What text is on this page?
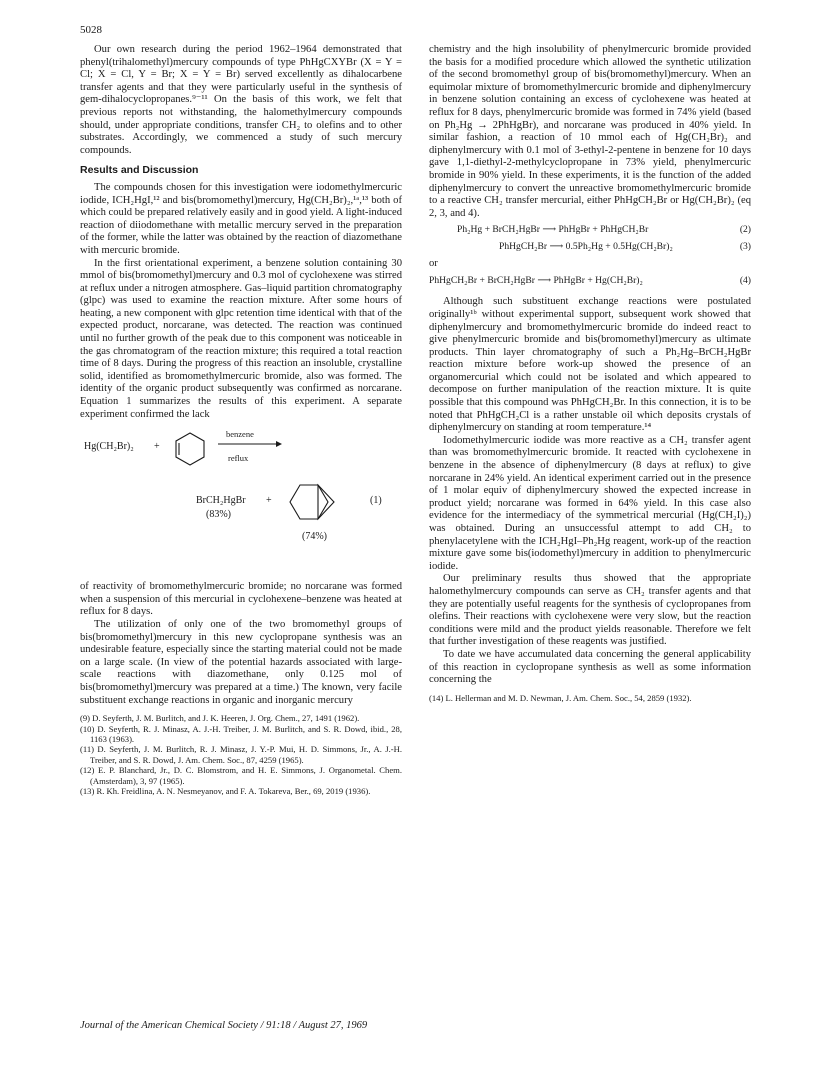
5028

Our own research during the period 1962–1964 demonstrated that phenyl(trihalomethyl)mercury compounds of type PhHgCXYBr (X = Y = Cl; X = Cl, Y = Br; X = Y = Br) served excellently as dihalocarbene transfer agents and that they were particularly useful in the synthesis of gem-dihalocyclopropanes.⁹⁻¹¹ On the basis of this work, we felt that previous reports not withstanding, the halomethylmercury compounds should, under appropriate conditions, transfer CH₂ to olefins and to other substrates. Accordingly, we commenced a study of such mercury compounds.

Results and Discussion

The compounds chosen for this investigation were iodomethylmercuric iodide, ICH₂HgI,¹² and bis(bromomethyl)mercury, Hg(CH₂Br)₂,¹ᵃ,¹³ both of which could be prepared relatively easily and in good yield. A light-induced reaction of diiodomethane with metallic mercury served in the preparation of the former, while the latter was obtained by the reaction of diazomethane with mercuric bromide.

In the first orientational experiment, a benzene solution containing 30 mmol of bis(bromomethyl)mercury and 0.3 mol of cyclohexene was stirred at reflux under a nitrogen atmosphere. Gas–liquid partition chromatography (glpc) was used to examine the reaction mixture. After some hours of heating, a new component with glpc retention time identical with that of the expected product, norcarane, was detected. The reaction was continued until no further growth of the peak due to this component was noticeable in the gas chromatogram of the reaction mixture; this required a total reaction time of 8 days. During the progress of this reaction an insoluble, crystalline solid, identified as bromomethylmercuric bromide, also was formed. The identity of the organic product subsequently was confirmed as norcarane. Equation 1 summarizes the results of this experiment. A separate experiment confirmed the lack

Hg(CH₂Br)₂ +
benzene
reflux
BrCH₂HgBr +	(1)
(83%)
(74%)

of reactivity of bromomethylmercuric bromide; no norcarane was formed when a suspension of this mercurial in cyclohexene–benzene was heated at reflux for 8 days.

The utilization of only one of the two bromomethyl groups of bis(bromomethyl)mercury in this new cyclopropane synthesis was an undesirable feature, especially since the starting material could not be made on a large scale. (In view of the potential hazards associated with large-scale reactions with diazomethane, only 0.125 mol of bis(bromomethyl)mercury was prepared at a time.) The known, very facile substituent exchange reactions in organic and inorganic mercury

(9) D. Seyferth, J. M. Burlitch, and J. K. Heeren, J. Org. Chem., 27, 1491 (1962).

(10) D. Seyferth, R. J. Minasz, A. J.-H. Treiber, J. M. Burlitch, and S. R. Dowd, ibid., 28, 1163 (1963).

(11) D. Seyferth, J. M. Burlitch, R. J. Minasz, J. Y.-P. Mui, H. D. Simmons, Jr., A. J.-H. Treiber, and S. R. Dowd, J. Am. Chem. Soc., 87, 4259 (1965).

(12) E. P. Blanchard, Jr., D. C. Blomstrom, and H. E. Simmons, J. Organometal. Chem. (Amsterdam), 3, 97 (1965).

(13) R. Kh. Freidlina, A. N. Nesmeyanov, and F. A. Tokareva, Ber., 69, 2019 (1936).

chemistry and the high insolubility of phenylmercuric bromide provided the basis for a modified procedure which allowed the synthetic utilization of the second bromomethyl group of bis(bromomethyl)mercury. When an equimolar mixture of bromomethylmercuric bromide and diphenylmercury in benzene solution containing an excess of cyclohexene was heated at reflux for 8 days, phenylmercuric bromide was formed in 74% yield (based on Ph₂Hg → 2PhHgBr), and norcarane was produced in 40% yield. In similar fashion, a reaction of 10 mmol each of Hg(CH₂Br)₂ and diphenylmercury with 0.1 mol of 3-ethyl-2-pentene in benzene for 10 days gave 1,1-diethyl-2-methylcyclopropane in 73% yield, phenylmercuric bromide in 90% yield. In these experiments, it is the function of the added diphenylmercury to convert the unreactive bromomethylmercuric bromide to a reactive CH₂ transfer mercurial, either PhHgCH₂Br or Hg(CH₂Br)₂ (eq 2, 3, and 4).

Ph₂Hg + BrCH₂HgBr ⟶ PhHgBr + PhHgCH₂Br	(2)
PhHgCH₂Br ⟶ 0.5Ph₂Hg + 0.5Hg(CH₂Br)₂	(3)
or
PhHgCH₂Br + BrCH₂HgBr ⟶ PhHgBr + Hg(CH₂Br)₂	(4)

Although such substituent exchange reactions were postulated originally¹ᵇ without experimental support, subsequent work showed that diphenylmercury and bromomethylmercuric bromide do indeed react to give phenylmercuric bromide and bis(bromomethyl)mercury as ultimate products. Thin layer chromatography of such a Ph₂Hg–BrCH₂HgBr reaction mixture before work-up showed the presence of an organomercurial which could not be isolated and which appeared to decompose on further manipulation of the reaction mixture. It is quite possible that this compound was PhHgCH₂Br. In this connection, it is to be noted that PhHgCH₂Cl is a rather unstable oil which deposits crystals of diphenylmercury on standing at room temperature.¹⁴

Iodomethylmercuric iodide was more reactive as a CH₂ transfer agent than was bromomethylmercuric bromide. It reacted with cyclohexene in benzene in the absence of diphenylmercury (8 days at reflux) to give norcarane in 24% yield. An identical experiment carried out in the presence of 1 molar equiv of diphenylmercury showed the expected increase in product yield; norcarane was formed in 64% yield. In this case also evidence for the intermediacy of the symmetrical mercurial (Hg(CH₂I)₂) was obtained. During an unsuccessful attempt to add CH₂ to phenylacetylene with the ICH₂HgI–Ph₂Hg reagent, work-up of the reaction mixture gave some bis(iodomethyl)mercury in addition to phenylmercuric iodide.

Our preliminary results thus showed that the appropriate halomethylmercury compounds can serve as CH₂ transfer agents and that they are potentially useful reagents for the synthesis of cyclopropanes from olefins. Their reactions with cyclohexene were very slow, but the reaction conditions were mild and the product yields reasonable. Therefore we felt that further investigation of these reagents was justified.

To date we have accumulated data concerning the general applicability of this reaction in cyclopropane synthesis as well as some information concerning the

(14) L. Hellerman and M. D. Newman, J. Am. Chem. Soc., 54, 2859 (1932).

Journal of the American Chemical Society / 91:18 / August 27, 1969
